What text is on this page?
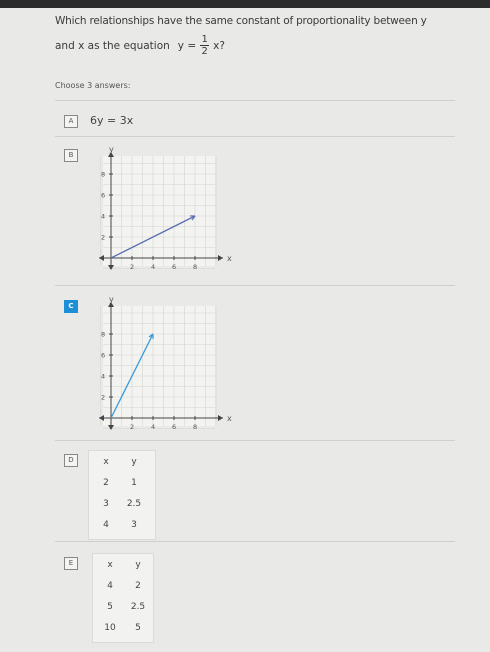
Which relationships have the same constant of proportionality between y
and x as the equation $y = \frac{1}{2} x$?
Choose 3 answers:
A	6y = 3x
B
y
x
8
6
4
2
2	4	6	8
C
y
x
8
6
4
2
2	4	6	8
D	x	y
2	1
3	2.5
4	3
E	x	y
4	2
5	2.5
10	5
